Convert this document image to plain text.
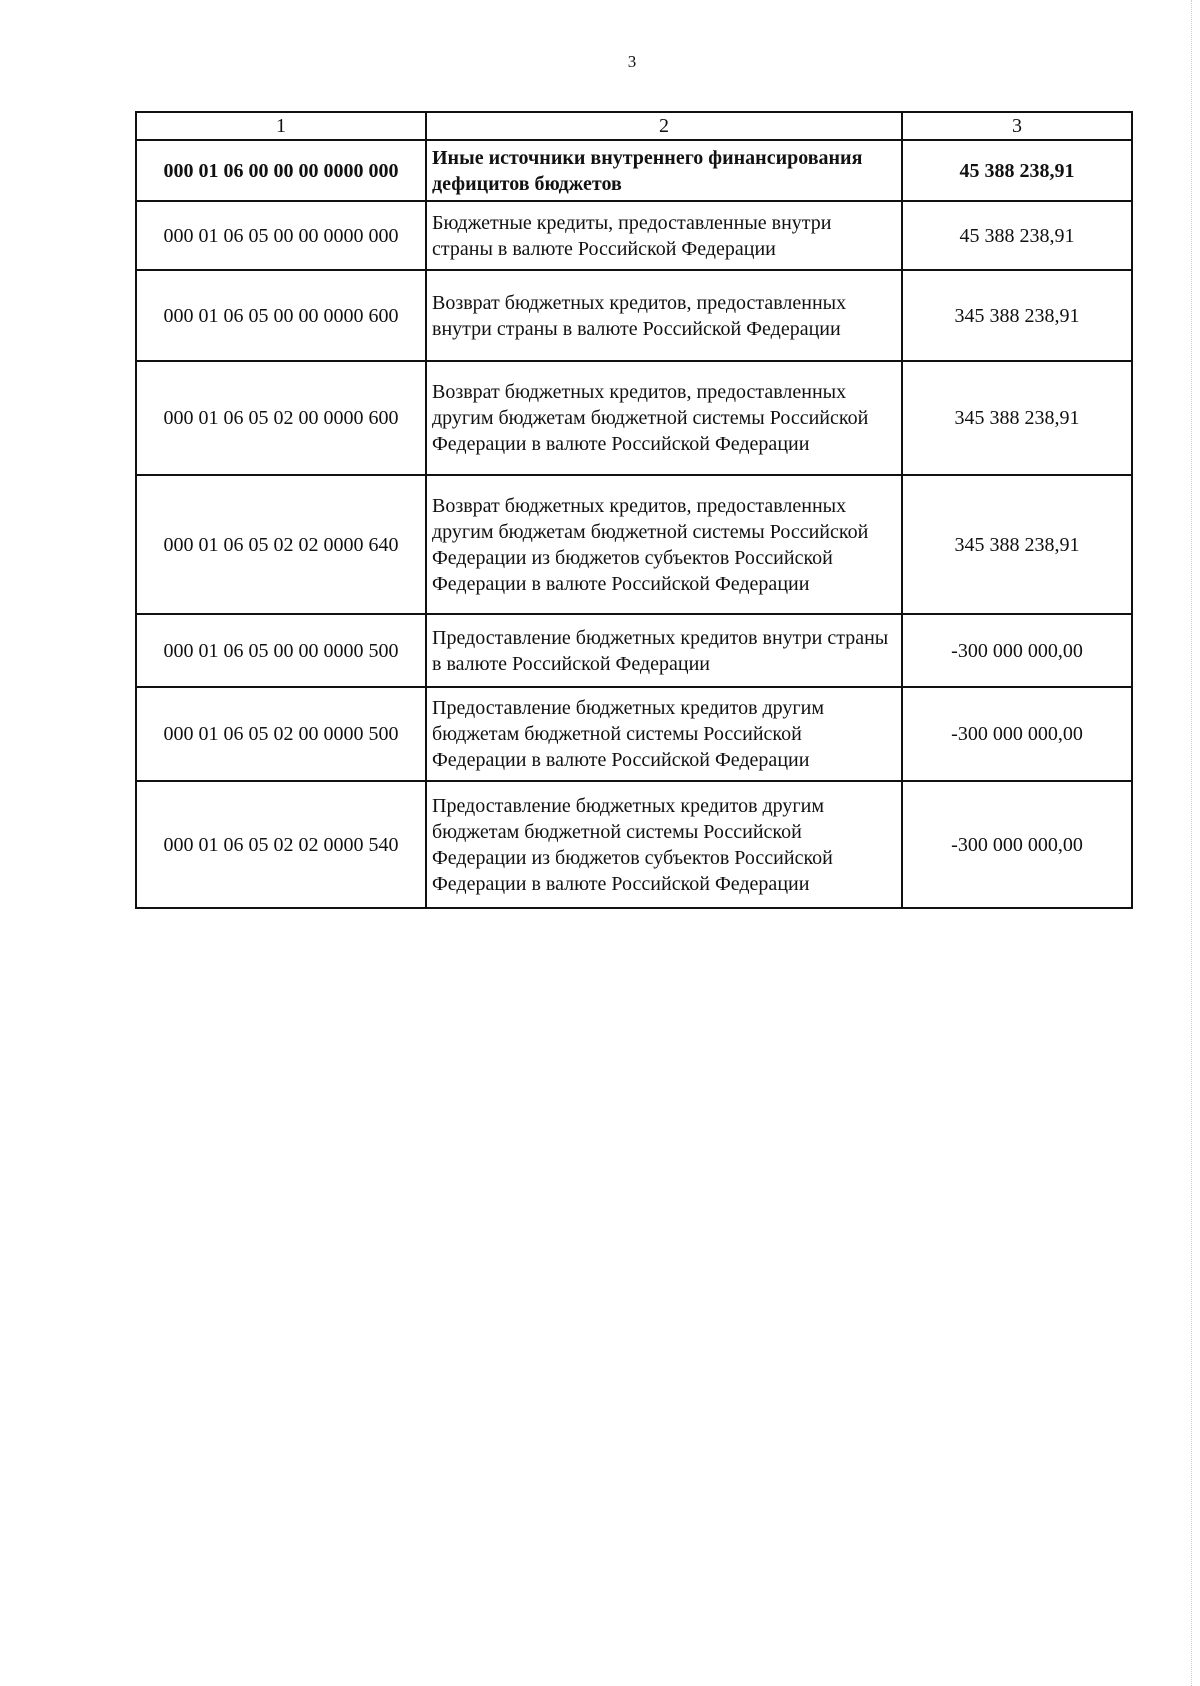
3
1	2	3
000 01 06 00 00 00 0000 000	Иные источники внутреннего финансирования дефицитов бюджетов	45 388 238,91
000 01 06 05 00 00 0000 000	Бюджетные кредиты, предоставленные внутри страны в валюте Российской Федерации	45 388 238,91
000 01 06 05 00 00 0000 600	Возврат бюджетных кредитов, предоставленных внутри страны в валюте Российской Федерации	345 388 238,91
000 01 06 05 02 00 0000 600	Возврат бюджетных кредитов, предоставленных другим бюджетам бюджетной системы Российской Федерации в валюте Российской Федерации	345 388 238,91
000 01 06 05 02 02 0000 640	Возврат бюджетных кредитов, предоставленных другим бюджетам бюджетной системы Российской Федерации из бюджетов субъектов Российской Федерации в валюте Российской Федерации	345 388 238,91
000 01 06 05 00 00 0000 500	Предоставление бюджетных кредитов внутри страны в валюте Российской Федерации	-300 000 000,00
000 01 06 05 02 00 0000 500	Предоставление бюджетных кредитов другим бюджетам бюджетной системы Российской Федерации в валюте Российской Федерации	-300 000 000,00
000 01 06 05 02 02 0000 540	Предоставление бюджетных кредитов другим бюджетам бюджетной системы Российской Федерации из бюджетов субъектов Российской Федерации в валюте Российской Федерации	-300 000 000,00
